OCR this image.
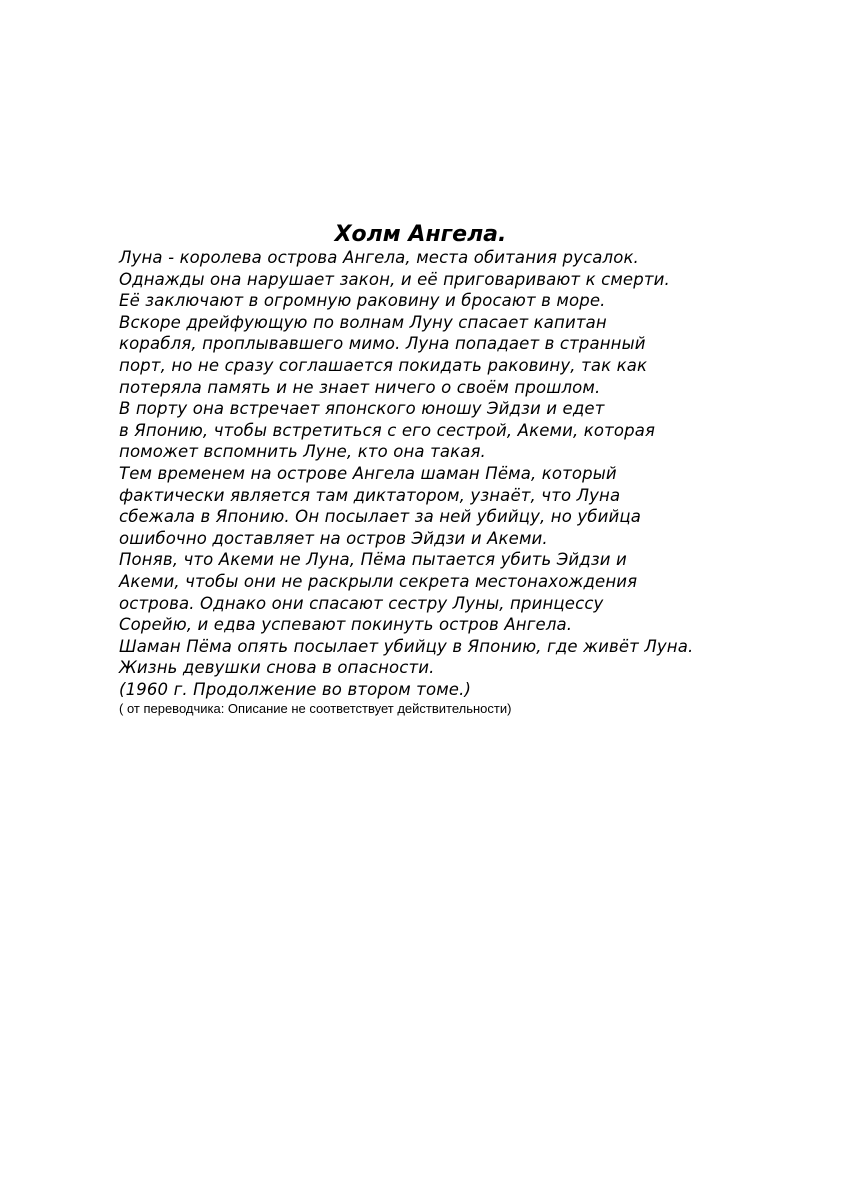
Холм Ангела.
Луна - королева острова Ангела, места обитания русалок.
Однажды она нарушает закон, и её приговаривают к смерти.
Её заключают в огромную раковину и бросают в море.
Вскоре дрейфующую по волнам Луну спасает капитан
корабля, проплывавшего мимо. Луна попадает в странный
порт, но не сразу соглашается покидать раковину, так как
потеряла память и не знает ничего о своём прошлом.
В порту она встречает японского юношу Эйдзи и едет
в Японию, чтобы встретиться с его сестрой, Акеми, которая
поможет вспомнить Луне, кто она такая.
Тем временем на острове Ангела шаман Пёма, который
фактически является там диктатором, узнаёт, что Луна
сбежала в Японию. Он посылает за ней убийцу, но убийца
ошибочно доставляет на остров Эйдзи и Акеми.
Поняв, что Акеми не Луна, Пёма пытается убить Эйдзи и
Акеми, чтобы они не раскрыли секрета местонахождения
острова. Однако они спасают сестру Луны, принцессу
Сорейю, и едва успевают покинуть остров Ангела.
Шаман Пёма опять посылает убийцу в Японию, где живёт Луна.
Жизнь девушки снова в опасности.
(1960 г. Продолжение во втором томе.)
( от переводчика: Описание не соответствует действительности)
